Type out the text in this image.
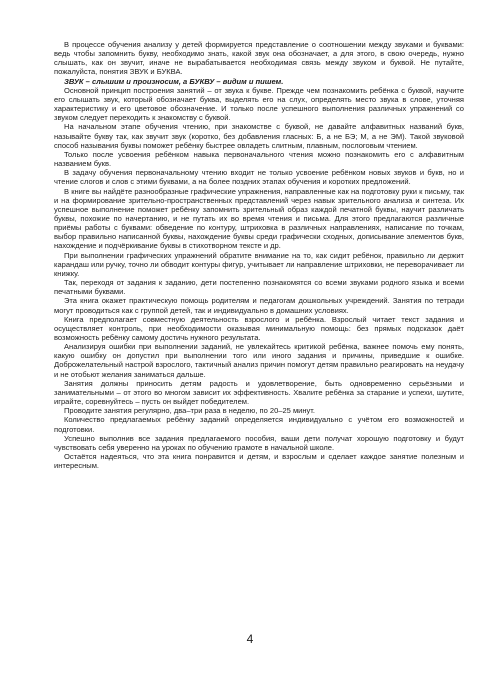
В процессе обучения анализу у детей формируется представление о соотношении между звуками и буквами: ведь чтобы запомнить букву, необходимо знать, какой звук она обозначает, а для этого, в свою очередь, нужно слышать, как он звучит, иначе не вырабатывается необходимая связь между звуком и буквой. Не путайте, пожалуйста, понятия ЗВУК и БУКВА.

ЗВУК – слышим и произносим, а БУКВУ – видим и пишем.

Основной принцип построения занятий – от звука к букве. Прежде чем познакомить ребёнка с буквой, научите его слышать звук, который обозначает буква, выделять его на слух, определять место звука в слове, уточняя характеристику и его цветовое обозначение. И только после успешного выполнения различных упражнений со звуком следует переходить к знакомству с буквой.

На начальном этапе обучения чтению, при знакомстве с буквой, не давайте алфавитных названий букв, называйте букву так, как звучит звук (коротко, без добавления гласных: Б, а не БЭ; М, а не ЭМ). Такой звуковой способ называния буквы поможет ребёнку быстрее овладеть слитным, плавным, послоговым чтением.

Только после усвоения ребёнком навыка первоначального чтения можно познакомить его с алфавитным названием букв.

В задачу обучения первоначальному чтению входит не только усвоение ребёнком новых звуков и букв, но и чтение слогов и слов с этими буквами, а на более поздних этапах обучения и коротких предложений.

В книге вы найдёте разнообразные графические упражнения, направленные как на подготовку руки к письму, так и на формирование зрительно-пространственных представлений через навык зрительного анализа и синтеза. Их успешное выполнение поможет ребёнку запомнить зрительный образ каждой печатной буквы, научит различать буквы, похожие по начертанию, и не путать их во время чтения и письма. Для этого предлагаются различные приёмы работы с буквами: обведение по контуру, штриховка в различных направлениях, написание по точкам, выбор правильно написанной буквы, нахождение буквы среди графически сходных, дописывание элементов букв, нахождение и подчёркивание буквы в стихотворном тексте и др.

При выполнении графических упражнений обратите внимание на то, как сидит ребёнок, правильно ли держит карандаш или ручку, точно ли обводит контуры фигур, учитывает ли направление штриховки, не переворачивает ли книжку.

Так, переходя от задания к заданию, дети постепенно познакомятся со всеми звуками родного языка и всеми печатными буквами.

Эта книга окажет практическую помощь родителям и педагогам дошкольных учреждений. Занятия по тетради могут проводиться как с группой детей, так и индивидуально в домашних условиях.

Книга предполагает совместную деятельность взрослого и ребёнка. Взрослый читает текст задания и осуществляет контроль, при необходимости оказывая минимальную помощь: без прямых подсказок даёт возможность ребёнку самому достичь нужного результата.

Анализируя ошибки при выполнении заданий, не увлекайтесь критикой ребёнка, важнее помочь ему понять, какую ошибку он допустил при выполнении того или иного задания и причины, приведшие к ошибке. Доброжелательный настрой взрослого, тактичный анализ причин помогут детям правильно реагировать на неудачу и не отобьют желания заниматься дальше.

Занятия должны приносить детям радость и удовлетворение, быть одновременно серьёзными и занимательными – от этого во многом зависит их эффективность. Хвалите ребёнка за старание и успехи, шутите, играйте, соревнуйтесь – пусть он выйдет победителем.

Проводите занятия регулярно, два–три раза в неделю, по 20–25 минут.

Количество предлагаемых ребёнку заданий определяется индивидуально с учётом его возможностей и подготовки.

Успешно выполнив все задания предлагаемого пособия, ваши дети получат хорошую подготовку и будут чувствовать себя уверенно на уроках по обучению грамоте в начальной школе.

Остаётся надеяться, что эта книга понравится и детям, и взрослым и сделает каждое занятие полезным и интересным.

4
